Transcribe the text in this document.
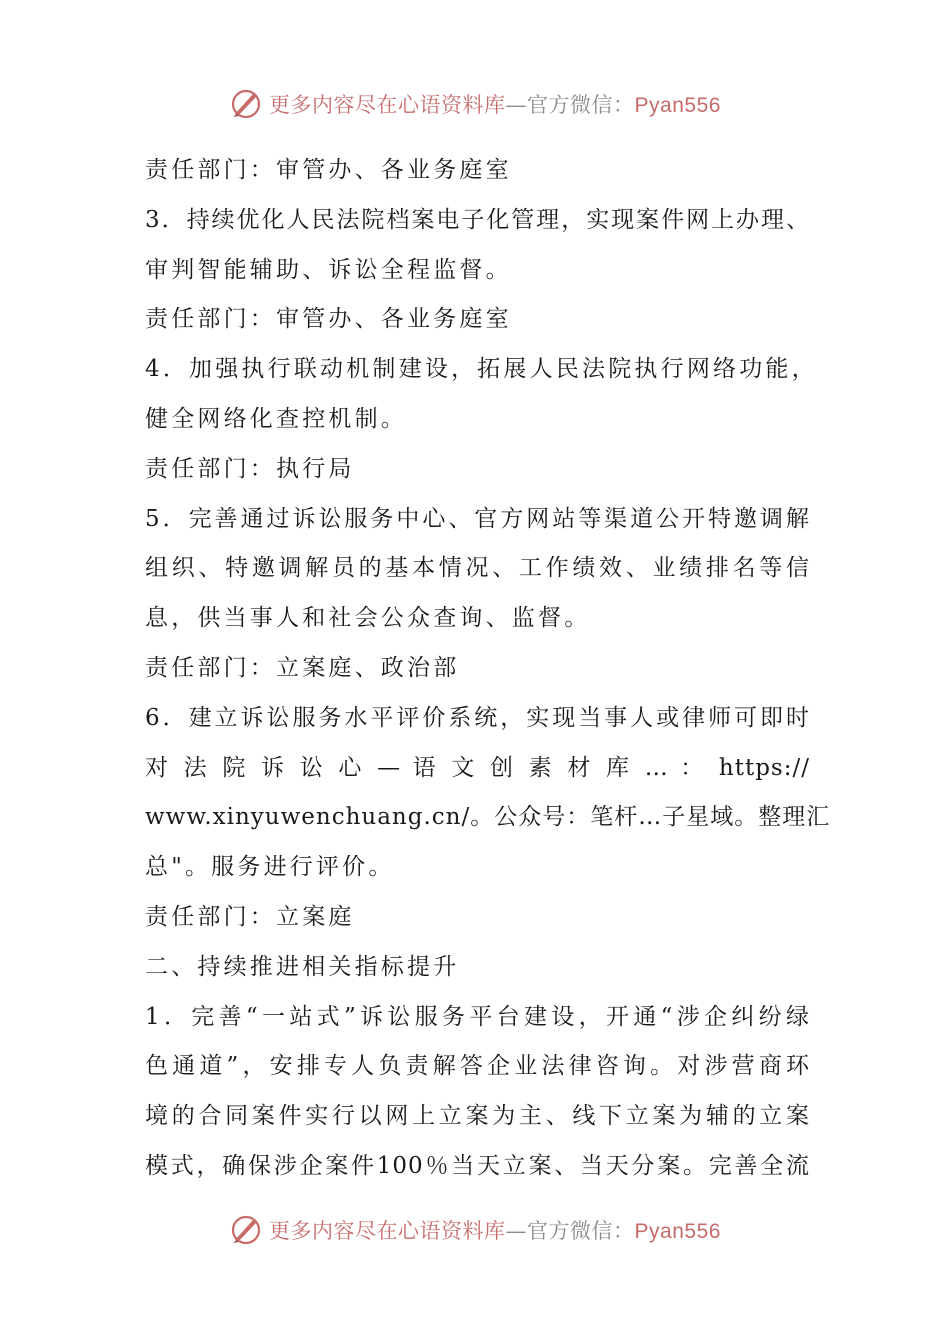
更多内容尽在心语资料库—官方微信：Pyan556
责任部门：审管办、各业务庭室
3．持续优化人民法院档案电子化管理，实现案件网上办理、
审判智能辅助、诉讼全程监督。
责任部门：审管办、各业务庭室
4．加强执行联动机制建设，拓展人民法院执行网络功能，
健全网络化查控机制。
责任部门：执行局
5．完善通过诉讼服务中心、官方网站等渠道公开特邀调解
组织、特邀调解员的基本情况、工作绩效、业绩排名等信
息，供当事人和社会公众查询、监督。
责任部门：立案庭、政治部
6．建立诉讼服务水平评价系统，实现当事人或律师可即时
对 法 院 诉 讼 心 — 语 文 创 素 材 库 … ： https://
www.xinyuwenchuang.cn/。公众号：笔杆…子星域。整理汇
总"。服务进行评价。
责任部门：立案庭
二、持续推进相关指标提升
1．完善“一站式”诉讼服务平台建设，开通“涉企纠纷绿
色通道”，安排专人负责解答企业法律咨询。对涉营商环
境的合同案件实行以网上立案为主、线下立案为辅的立案
模式，确保涉企案件100％当天立案、当天分案。完善全流
更多内容尽在心语资料库—官方微信：Pyan556
